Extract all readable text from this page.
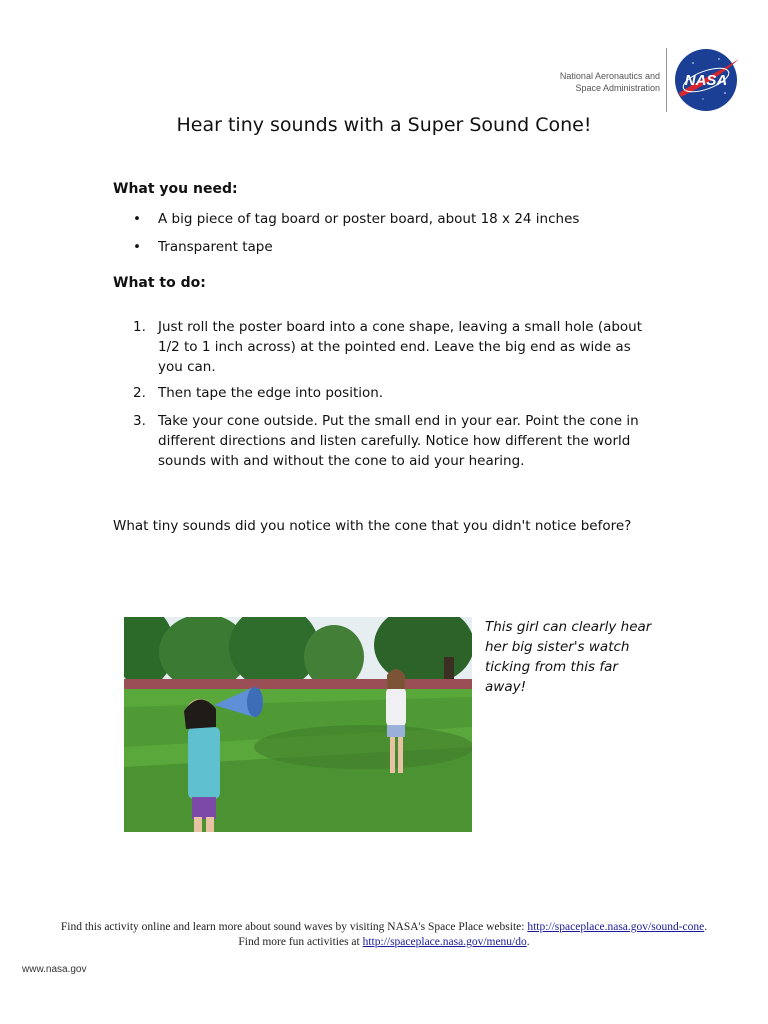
National Aeronautics and
Space Administration NASA
Hear tiny sounds with a Super Sound Cone!
What you need:
• A big piece of tag board or poster board, about 18 x 24 inches
• Transparent tape
What to do:
1. Just roll the poster board into a cone shape, leaving a small hole (about 1/2 to 1 inch across) at the pointed end. Leave the big end as wide as you can.
2. Then tape the edge into position.
3. Take your cone outside. Put the small end in your ear. Point the cone in different directions and listen carefully. Notice how different the world sounds with and without the cone to aid your hearing.
What tiny sounds did you notice with the cone that you didn't notice before?
This girl can clearly hear her big sister's watch ticking from this far away!
Find this activity online and learn more about sound waves by visiting NASA's Space Place website: http://spaceplace.nasa.gov/sound-cone.
Find more fun activities at http://spaceplace.nasa.gov/menu/do.
www.nasa.gov
